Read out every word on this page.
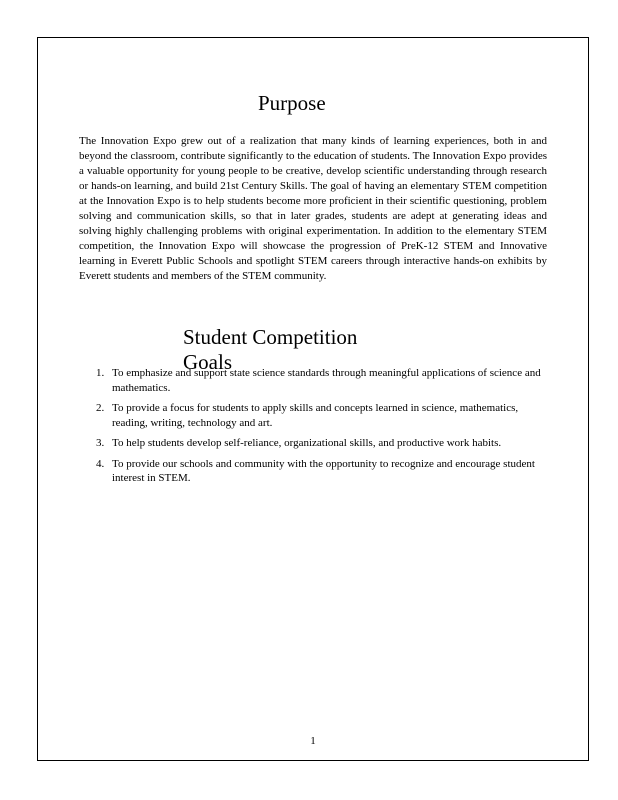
Purpose

The Innovation Expo grew out of a realization that many kinds of learning experiences, both in and beyond the classroom, contribute significantly to the education of students. The Innovation Expo provides a valuable opportunity for young people to be creative, develop scientific understanding through research or hands-on learning, and build 21st Century Skills. The goal of having an elementary STEM competition at the Innovation Expo is to help students become more proficient in their scientific questioning, problem solving and communication skills, so that in later grades, students are adept at generating ideas and solving highly challenging problems with original experimentation. In addition to the elementary STEM competition, the Innovation Expo will showcase the progression of PreK-12 STEM and Innovative learning in Everett Public Schools and spotlight STEM careers through interactive hands-on exhibits by Everett students and members of the STEM community.

Student CompetitionGoals
1. To emphasize and support state science standards through meaningful applications of science and mathematics.
2. To provide a focus for students to apply skills and concepts learned in science, mathematics, reading, writing, technology and art.
3. To help students develop self-reliance, organizational skills, and productive work habits.
4. To provide our schools and community with the opportunity to recognize and encourage student interest in STEM.
1
